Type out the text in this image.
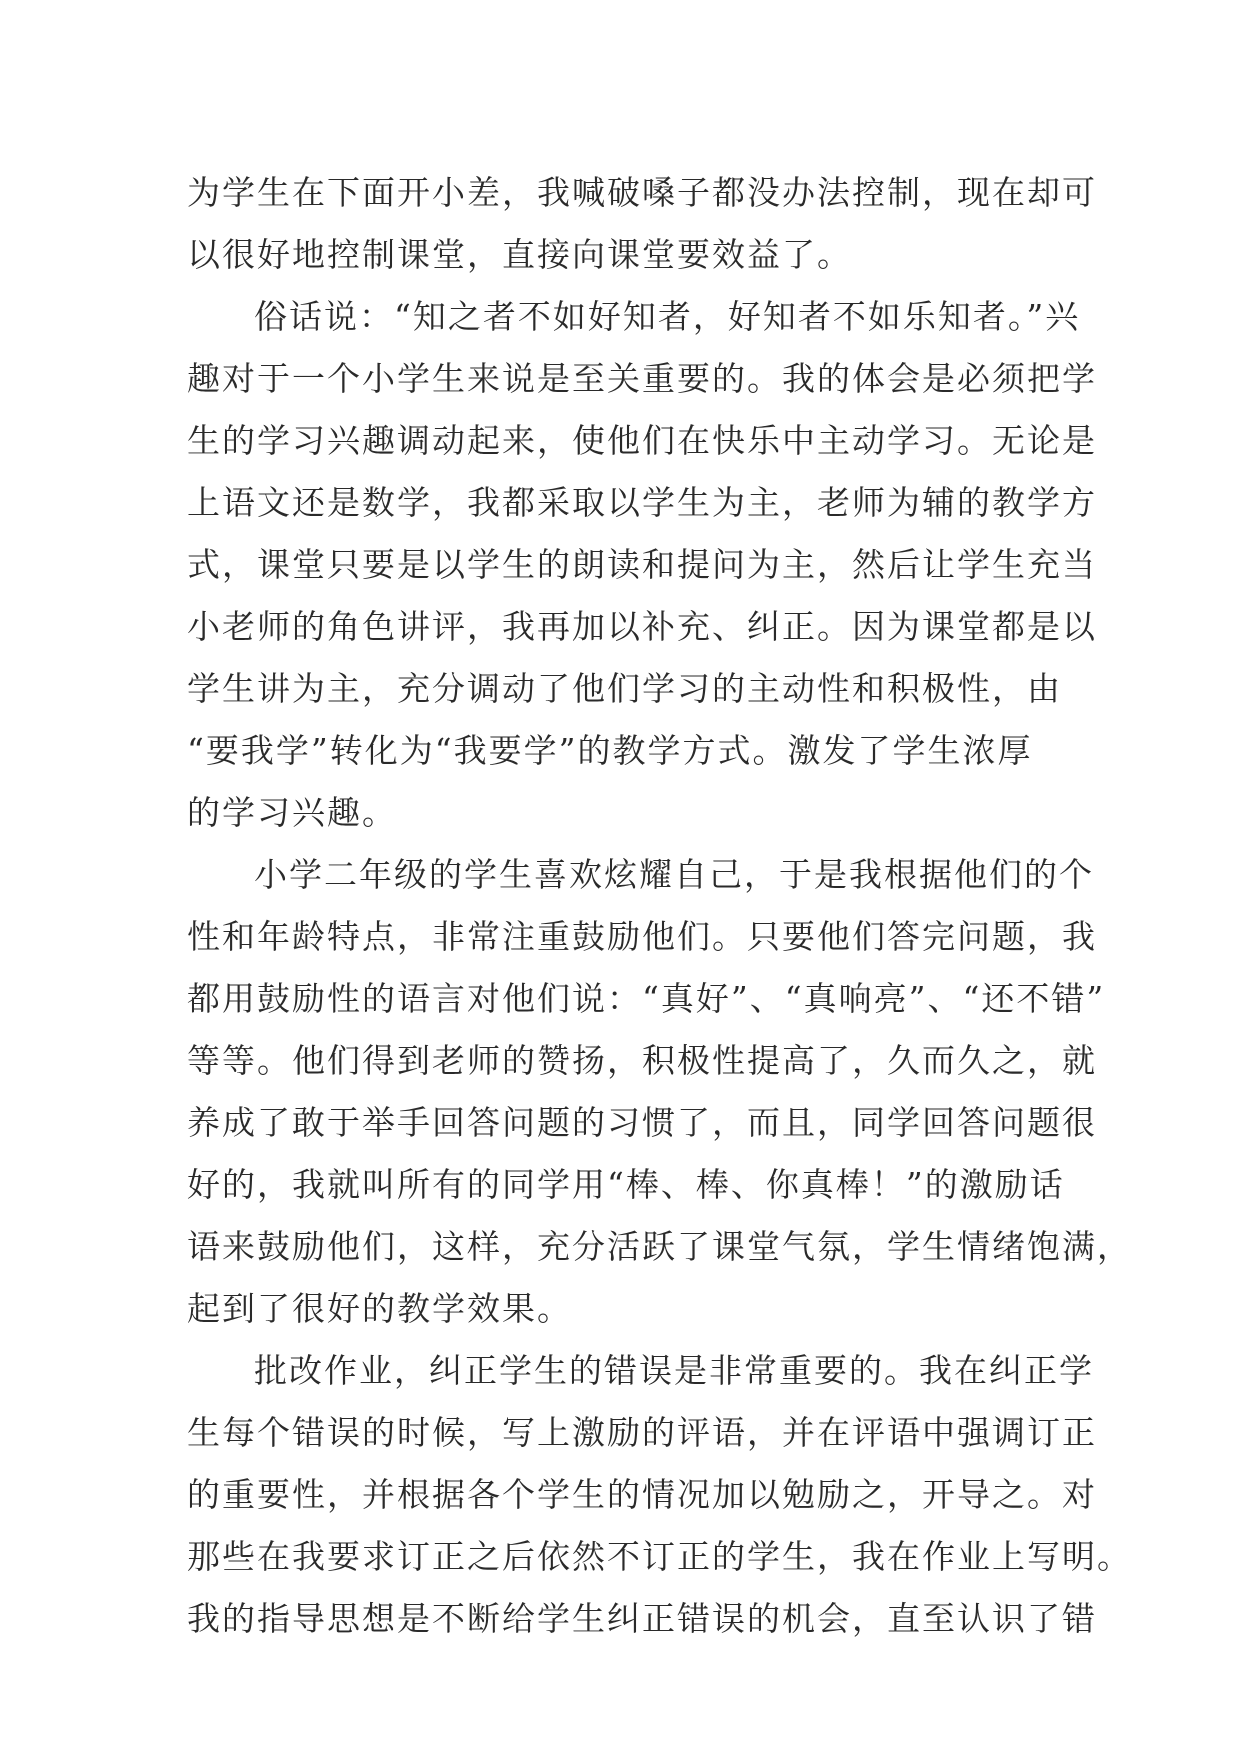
为学生在下面开小差，我喊破嗓子都没办法控制，现在却可
以很好地控制课堂，直接向课堂要效益了。
俗话说：“知之者不如好知者，好知者不如乐知者。”兴
趣对于一个小学生来说是至关重要的。我的体会是必须把学
生的学习兴趣调动起来，使他们在快乐中主动学习。无论是
上语文还是数学，我都采取以学生为主，老师为辅的教学方
式，课堂只要是以学生的朗读和提问为主，然后让学生充当
小老师的角色讲评，我再加以补充、纠正。因为课堂都是以
学生讲为主，充分调动了他们学习的主动性和积极性，由
“要我学”转化为“我要学”的教学方式。激发了学生浓厚
的学习兴趣。
小学二年级的学生喜欢炫耀自己，于是我根据他们的个
性和年龄特点，非常注重鼓励他们。只要他们答完问题，我
都用鼓励性的语言对他们说：“真好”、“真响亮”、“还不错”
等等。他们得到老师的赞扬，积极性提高了，久而久之，就
养成了敢于举手回答问题的习惯了，而且，同学回答问题很
好的，我就叫所有的同学用“棒、棒、你真棒！”的激励话
语来鼓励他们，这样，充分活跃了课堂气氛，学生情绪饱满，
起到了很好的教学效果。
批改作业，纠正学生的错误是非常重要的。我在纠正学
生每个错误的时候，写上激励的评语，并在评语中强调订正
的重要性，并根据各个学生的情况加以勉励之，开导之。对
那些在我要求订正之后依然不订正的学生，我在作业上写明。
我的指导思想是不断给学生纠正错误的机会，直至认识了错
